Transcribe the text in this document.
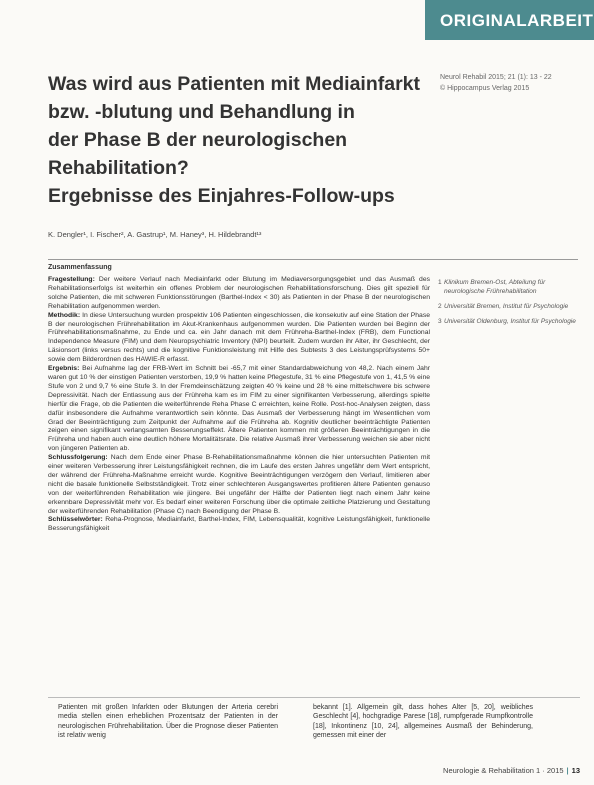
ORIGINALARBEIT
Was wird aus Patienten mit Mediainfarkt
bzw. -blutung und Behandlung in
der Phase B der neurologischen
Rehabilitation?
Ergebnisse des Einjahres-Follow-ups
Neurol Rehabil 2015; 21 (1): 13 - 22
© Hippocampus Verlag 2015
K. Dengler¹, I. Fischer², A. Gastrup¹, M. Haney³, H. Hildebrandt¹³
Zusammenfassung

Fragestellung: Der weitere Verlauf nach Mediainfarkt oder Blutung im Mediaversorgungsgebiet und das Ausmaß des Rehabilitationserfolgs ist weiterhin ein offenes Problem der neurologischen Rehabilitationsforschung. Dies gilt speziell für solche Patienten, die mit schweren Funktionsstörungen (Barthel-Index < 30) als Patienten in der Phase B der neurologischen Rehabilitation aufgenommen werden.

Methodik: In diese Untersuchung wurden prospektiv 106 Patienten eingeschlossen, die konsekutiv auf eine Station der Phase B der neurologischen Frührehabilitation im Akut-Krankenhaus aufgenommen wurden. Die Patienten wurden bei Beginn der Frührehabilitationsmaßnahme, zu Ende und ca. ein Jahr danach mit dem Frühreha-Barthel-Index (FRB), dem Functional Independence Measure (FIM) und dem Neuropsychiatric Inventory (NPI) beurteilt. Zudem wurden ihr Alter, ihr Geschlecht, der Läsionsort (links versus rechts) und die kognitive Funktionsleistung mit Hilfe des Subtests 3 des Leistungsprüfsystems 50+ sowie dem Bilderordnen des HAWIE-R erfasst.

Ergebnis: Bei Aufnahme lag der FRB-Wert im Schnitt bei -65,7 mit einer Standardabweichung von 48,2. Nach einem Jahr waren gut 10 % der einstigen Patienten verstorben, 19,9 % hatten keine Pflegestufe, 31 % eine Pflegestufe von 1, 41,5 % eine Stufe von 2 und 9,7 % eine Stufe 3. In der Fremdeinschätzung zeigten 40 % keine und 28 % eine mittelschwere bis schwere Depressivität. Nach der Entlassung aus der Frühreha kam es im FIM zu einer signifikanten Verbesserung, allerdings spielte hierfür die Frage, ob die Patienten die weiterführende Reha Phase C erreichten, keine Rolle. Post-hoc-Analysen zeigten, dass dafür insbesondere die Aufnahme verantwortlich sein könnte. Das Ausmaß der Verbesserung hängt im Wesentlichen vom Grad der Beeinträchtigung zum Zeitpunkt der Aufnahme auf die Frühreha ab. Kognitiv deutlicher beeinträchtigte Patienten zeigen einen signifikant verlangsamten Besserungseffekt. Ältere Patienten kommen mit größeren Beeinträchtigungen in die Frühreha und haben auch eine deutlich höhere Mortalitätsrate. Die relative Ausmaß ihrer Verbesserung weichen sie aber nicht von jüngeren Patienten ab.

Schlussfolgerung: Nach dem Ende einer Phase B-Rehabilitationsmaßnahme können die hier untersuchten Patienten mit einer weiteren Verbesserung ihrer Leistungsfähigkeit rechnen, die im Laufe des ersten Jahres ungefähr dem Wert entspricht, der während der Frühreha-Maßnahme erreicht wurde. Kognitive Beeinträchtigungen verzögern den Verlauf, limitieren aber nicht die basale funktionelle Selbstständigkeit. Trotz einer schlechteren Ausgangswertes profitieren ältere Patienten genauso von der weiterführenden Rehabilitation wie jüngere. Bei ungefähr der Hälfte der Patienten liegt nach einem Jahr keine erkennbare Depressivität mehr vor. Es bedarf einer weiteren Forschung über die optimale zeitliche Platzierung und Gestaltung der weiterführenden Rehabilitation (Phase C) nach Beendigung der Phase B.

Schlüsselwörter: Reha-Prognose, Mediainfarkt, Barthel-Index, FIM, Lebensqualität, kognitive Leistungsfähigkeit, funktionelle Besserungsfähigkeit

1 Klinikum Bremen-Ost, Abteilung für neurologische Frührehabilitation
2 Universität Bremen, Institut für Psychologie
3 Universität Oldenburg, Institut für Psychologie
Patienten mit großen Infarkten oder Blutungen der Arteria cerebri media stellen einen erheblichen Prozentsatz der Patienten in der neurologischen Frührehabilitation. Über die Prognose dieser Patienten ist relativ wenig
bekannt [1]. Allgemein gilt, dass hohes Alter [5, 20], weibliches Geschlecht [4], hochgradige Parese [18], rumpfgerade Rumpfkontrolle [18], Inkontinenz [10, 24], allgemeines Ausmaß der Behinderung, gemessen mit einer der
Neurologie & Rehabilitation 1 · 2015 | 13
